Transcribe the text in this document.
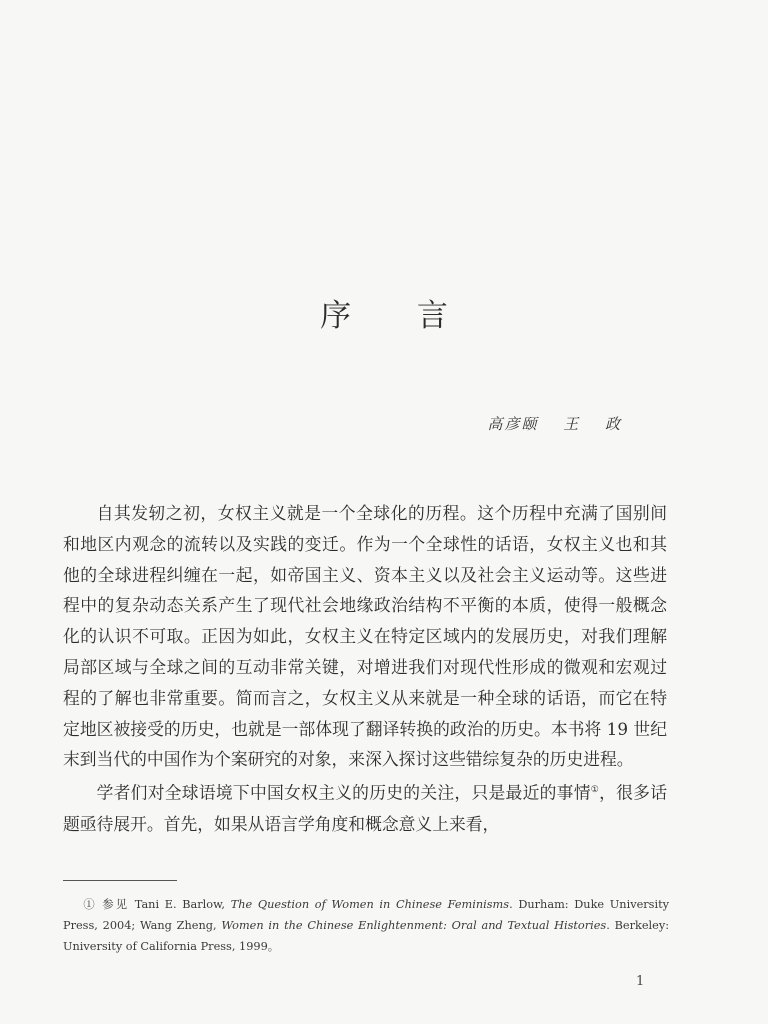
序 言
高彦颐 王 政

自其发轫之初，女权主义就是一个全球化的历程。这个历程中充满了国别间和地区内观念的流转以及实践的变迁。作为一个全球性的话语，女权主义也和其他的全球进程纠缠在一起，如帝国主义、资本主义以及社会主义运动等。这些进程中的复杂动态关系产生了现代社会地缘政治结构不平衡的本质，使得一般概念化的认识不可取。正因为如此，女权主义在特定区域内的发展历史，对我们理解局部区域与全球之间的互动非常关键，对增进我们对现代性形成的微观和宏观过程的了解也非常重要。简而言之，女权主义从来就是一种全球的话语，而它在特定地区被接受的历史，也就是一部体现了翻译转换的政治的历史。本书将 19 世纪末到当代的中国作为个案研究的对象，来深入探讨这些错综复杂的历史进程。

学者们对全球语境下中国女权主义的历史的关注，只是最近的事情①，很多话题亟待展开。首先，如果从语言学角度和概念意义上来看，

① 参见 Tani E. Barlow, The Question of Women in Chinese Feminisms. Durham: Duke University Press, 2004; Wang Zheng, Women in the Chinese Enlightenment: Oral and Textual Histories. Berkeley: University of California Press, 1999。
1
